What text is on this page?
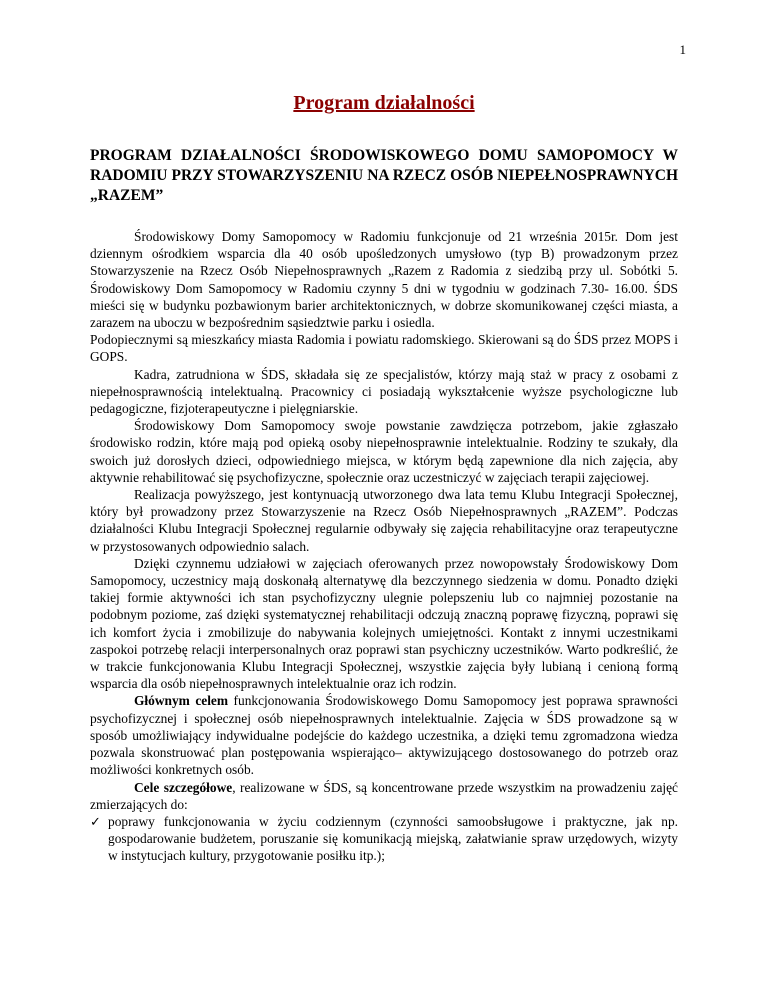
1
Program działalności
PROGRAM DZIAŁALNOŚCI ŚRODOWISKOWEGO DOMU SAMOPOMOCY W RADOMIU PRZY STOWARZYSZENIU NA RZECZ OSÓB NIEPEŁNOSPRAWNYCH „RAZEM”

Środowiskowy Domy Samopomocy w Radomiu funkcjonuje od 21 września 2015r. Dom jest dziennym ośrodkiem wsparcia dla 40 osób upośledzonych umysłowo (typ B) prowadzonym przez Stowarzyszenie na Rzecz Osób Niepełnosprawnych „Razem z Radomia z siedzibą przy ul. Sobótki 5. Środowiskowy Dom Samopomocy w Radomiu czynny 5 dni w tygodniu w godzinach 7.30- 16.00. ŚDS mieści się w budynku pozbawionym barier architektonicznych, w dobrze skomunikowanej części miasta, a zarazem na uboczu w bezpośrednim sąsiedztwie parku i osiedla.

Podopiecznymi są mieszkańcy miasta Radomia i powiatu radomskiego. Skierowani są do ŚDS przez MOPS i GOPS.

Kadra, zatrudniona w ŚDS, składała się ze specjalistów, którzy mają staż w pracy z osobami z niepełnosprawnością intelektualną. Pracownicy ci posiadają wykształcenie wyższe psychologiczne lub pedagogiczne, fizjoterapeutyczne i pielęgniarskie.

Środowiskowy Dom Samopomocy swoje powstanie zawdzięcza potrzebom, jakie zgłaszało środowisko rodzin, które mają pod opieką osoby niepełnosprawnie intelektualnie. Rodziny te szukały, dla swoich już dorosłych dzieci, odpowiedniego miejsca, w którym będą zapewnione dla nich zajęcia, aby aktywnie rehabilitować się psychofizyczne, społecznie oraz uczestniczyć w zajęciach terapii zajęciowej.

Realizacja powyższego, jest kontynuacją utworzonego dwa lata temu Klubu Integracji Społecznej, który był prowadzony przez Stowarzyszenie na Rzecz Osób Niepełnosprawnych „RAZEM”. Podczas działalności Klubu Integracji Społecznej regularnie odbywały się zajęcia rehabilitacyjne oraz terapeutyczne w przystosowanych odpowiednio salach.

Dzięki czynnemu udziałowi w zajęciach oferowanych przez nowopowstały Środowiskowy Dom Samopomocy, uczestnicy mają doskonałą alternatywę dla bezczynnego siedzenia w domu. Ponadto dzięki takiej formie aktywności ich stan psychofizyczny ulegnie polepszeniu lub co najmniej pozostanie na podobnym poziome, zaś dzięki systematycznej rehabilitacji odczują znaczną poprawę fizyczną, poprawi się ich komfort życia i zmobilizuje do nabywania kolejnych umiejętności. Kontakt z innymi uczestnikami zaspokoi potrzebę relacji interpersonalnych oraz poprawi stan psychiczny uczestników. Warto podkreślić, że w trakcie funkcjonowania Klubu Integracji Społecznej, wszystkie zajęcia były lubianą i cenioną formą wsparcia dla osób niepełnosprawnych intelektualnie oraz ich rodzin.

Głównym celem funkcjonowania Środowiskowego Domu Samopomocy jest poprawa sprawności psychofizycznej i społecznej osób niepełnosprawnych intelektualnie. Zajęcia w ŚDS prowadzone są w sposób umożliwiający indywidualne podejście do każdego uczestnika, a dzięki temu zgromadzona wiedza pozwala skonstruować plan postępowania wspierająco– aktywizującego dostosowanego do potrzeb oraz możliwości konkretnych osób.

Cele szczegółowe, realizowane w ŚDS, są koncentrowane przede wszystkim na prowadzeniu zajęć zmierzających do:

✓ poprawy funkcjonowania w życiu codziennym (czynności samoobsługowe i praktyczne, jak np. gospodarowanie budżetem, poruszanie się komunikacją miejską, załatwianie spraw urzędowych, wizyty w instytucjach kultury, przygotowanie posiłku itp.);
